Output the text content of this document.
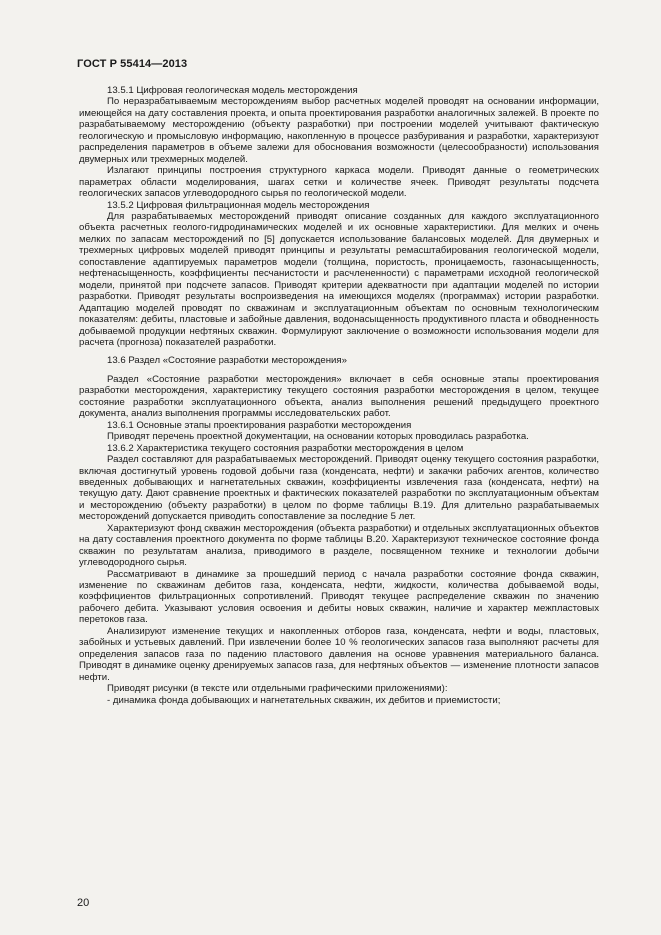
ГОСТ Р 55414—2013

13.5.1 Цифровая геологическая модель месторождения

По неразрабатываемым месторождениям выбор расчетных моделей проводят на основании информации, имеющейся на дату составления проекта, и опыта проектирования разработки аналогичных залежей. В проекте по разрабатываемому месторождению (объекту разработки) при построении моделей учитывают фактическую геологическую и промысловую информацию, накопленную в процессе разбуривания и разработки, характеризуют распределения параметров в объеме залежи для обоснования возможности (целесообразности) использования двумерных или трехмерных моделей.

Излагают принципы построения структурного каркаса модели. Приводят данные о геометрических параметрах области моделирования, шагах сетки и количестве ячеек. Приводят результаты подсчета геологических запасов углеводородного сырья по геологической модели.

13.5.2 Цифровая фильтрационная модель месторождения

Для разрабатываемых месторождений приводят описание созданных для каждого эксплуатационного объекта расчетных геолого-гидродинамических моделей и их основные характеристики. Для мелких и очень мелких по запасам месторождений по [5] допускается использование балансовых моделей. Для двумерных и трехмерных цифровых моделей приводят принципы и результаты ремасштабирования геологической модели, сопоставление адаптируемых параметров модели (толщина, пористость, проницаемость, газонасыщенность, нефтенасыщенность, коэффициенты песчанистости и расчлененности) с параметрами исходной геологической модели, принятой при подсчете запасов. Приводят критерии адекватности при адаптации моделей по истории разработки. Приводят результаты воспроизведения на имеющихся моделях (программах) истории разработки. Адаптацию моделей проводят по скважинам и эксплуатационным объектам по основным технологическим показателям: дебиты, пластовые и забойные давления, водонасыщенность продуктивного пласта и обводненность добываемой продукции нефтяных скважин. Формулируют заключение о возможности использования модели для расчета (прогноза) показателей разработки.

13.6 Раздел «Состояние разработки месторождения»

Раздел «Состояние разработки месторождения» включает в себя основные этапы проектирования разработки месторождения, характеристику текущего состояния разработки месторождения в целом, текущее состояние разработки эксплуатационного объекта, анализ выполнения решений предыдущего проектного документа, анализ выполнения программы исследовательских работ.

13.6.1 Основные этапы проектирования разработки месторождения

Приводят перечень проектной документации, на основании которых проводилась разработка.

13.6.2 Характеристика текущего состояния разработки месторождения в целом

Раздел составляют для разрабатываемых месторождений. Приводят оценку текущего состояния разработки, включая достигнутый уровень годовой добычи газа (конденсата, нефти) и закачки рабочих агентов, количество введенных добывающих и нагнетательных скважин, коэффициенты извлечения газа (конденсата, нефти) на текущую дату. Дают сравнение проектных и фактических показателей разработки по эксплуатационным объектам и месторождению (объекту разработки) в целом по форме таблицы В.19. Для длительно разрабатываемых месторождений допускается приводить сопоставление за последние 5 лет.

Характеризуют фонд скважин месторождения (объекта разработки) и отдельных эксплуатационных объектов на дату составления проектного документа по форме таблицы В.20. Характеризуют техническое состояние фонда скважин по результатам анализа, приводимого в разделе, посвященном технике и технологии добычи углеводородного сырья.

Рассматривают в динамике за прошедший период с начала разработки состояние фонда скважин, изменение по скважинам дебитов газа, конденсата, нефти, жидкости, количества добываемой воды, коэффициентов фильтрационных сопротивлений. Приводят текущее распределение скважин по значению рабочего дебита. Указывают условия освоения и дебиты новых скважин, наличие и характер межпластовых перетоков газа.

Анализируют изменение текущих и накопленных отборов газа, конденсата, нефти и воды, пластовых, забойных и устьевых давлений. При извлечении более 10 % геологических запасов газа выполняют расчеты для определения запасов газа по падению пластового давления на основе уравнения материального баланса. Приводят в динамике оценку дренируемых запасов газа, для нефтяных объектов — изменение плотности запасов нефти.

Приводят рисунки (в тексте или отдельными графическими приложениями):

- динамика фонда добывающих и нагнетательных скважин, их дебитов и приемистости;

20
